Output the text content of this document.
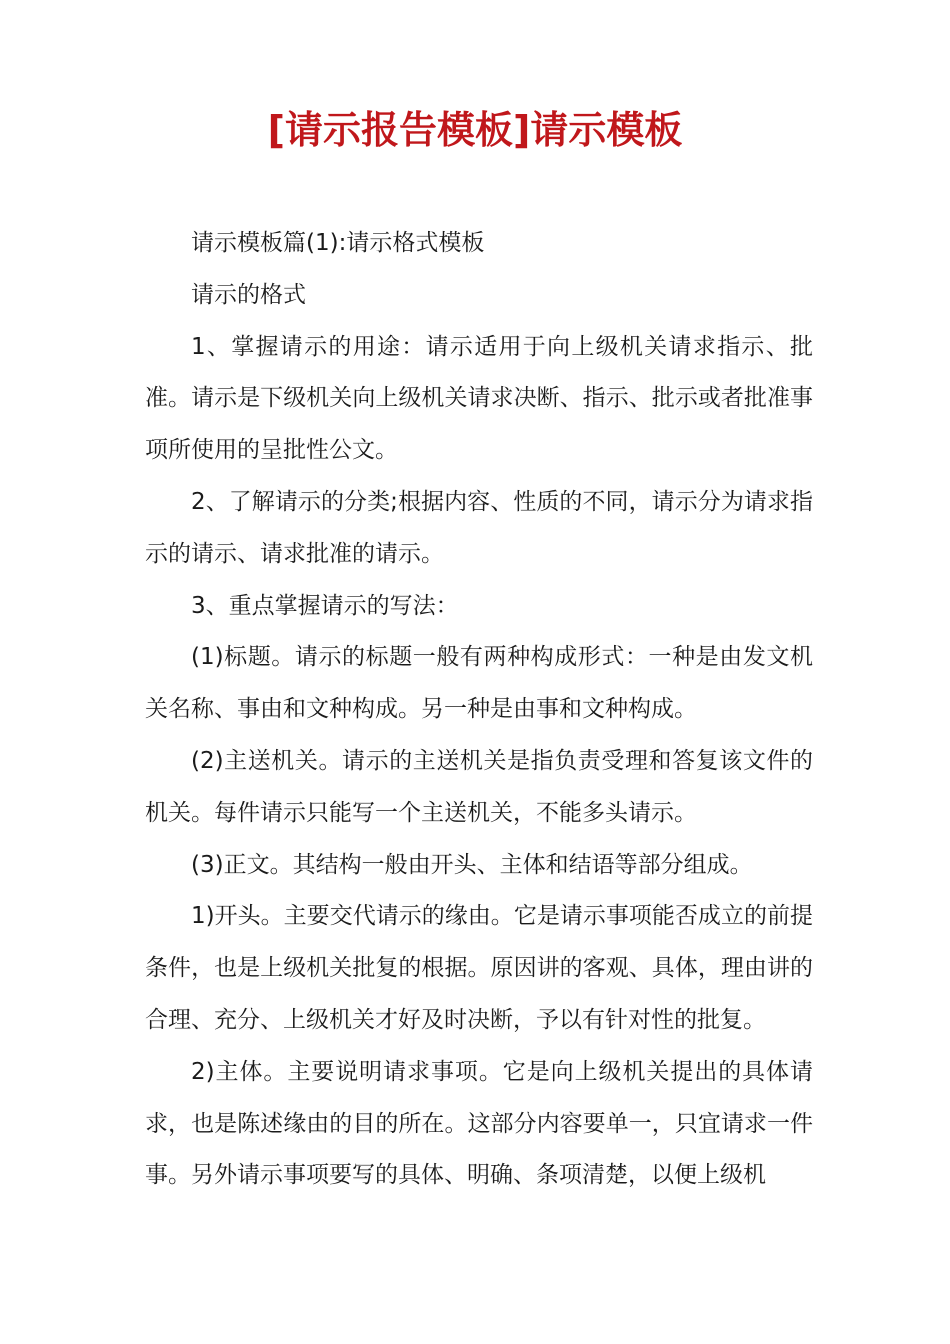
[请示报告模板]请示模板

请示模板篇(1):请示格式模板

请示的格式

1、掌握请示的用途：请示适用于向上级机关请求指示、批准。请示是下级机关向上级机关请求决断、指示、批示或者批准事项所使用的呈批性公文。

2、了解请示的分类;根据内容、性质的不同，请示分为请求指示的请示、请求批准的请示。

3、重点掌握请示的写法：

(1)标题。请示的标题一般有两种构成形式：一种是由发文机关名称、事由和文种构成。另一种是由事和文种构成。

(2)主送机关。请示的主送机关是指负责受理和答复该文件的机关。每件请示只能写一个主送机关，不能多头请示。

(3)正文。其结构一般由开头、主体和结语等部分组成。

1)开头。主要交代请示的缘由。它是请示事项能否成立的前提条件，也是上级机关批复的根据。原因讲的客观、具体，理由讲的合理、充分、上级机关才好及时决断，予以有针对性的批复。

2)主体。主要说明请求事项。它是向上级机关提出的具体请求，也是陈述缘由的目的所在。这部分内容要单一，只宜请求一件事。另外请示事项要写的具体、明确、条项清楚，以便上级机
